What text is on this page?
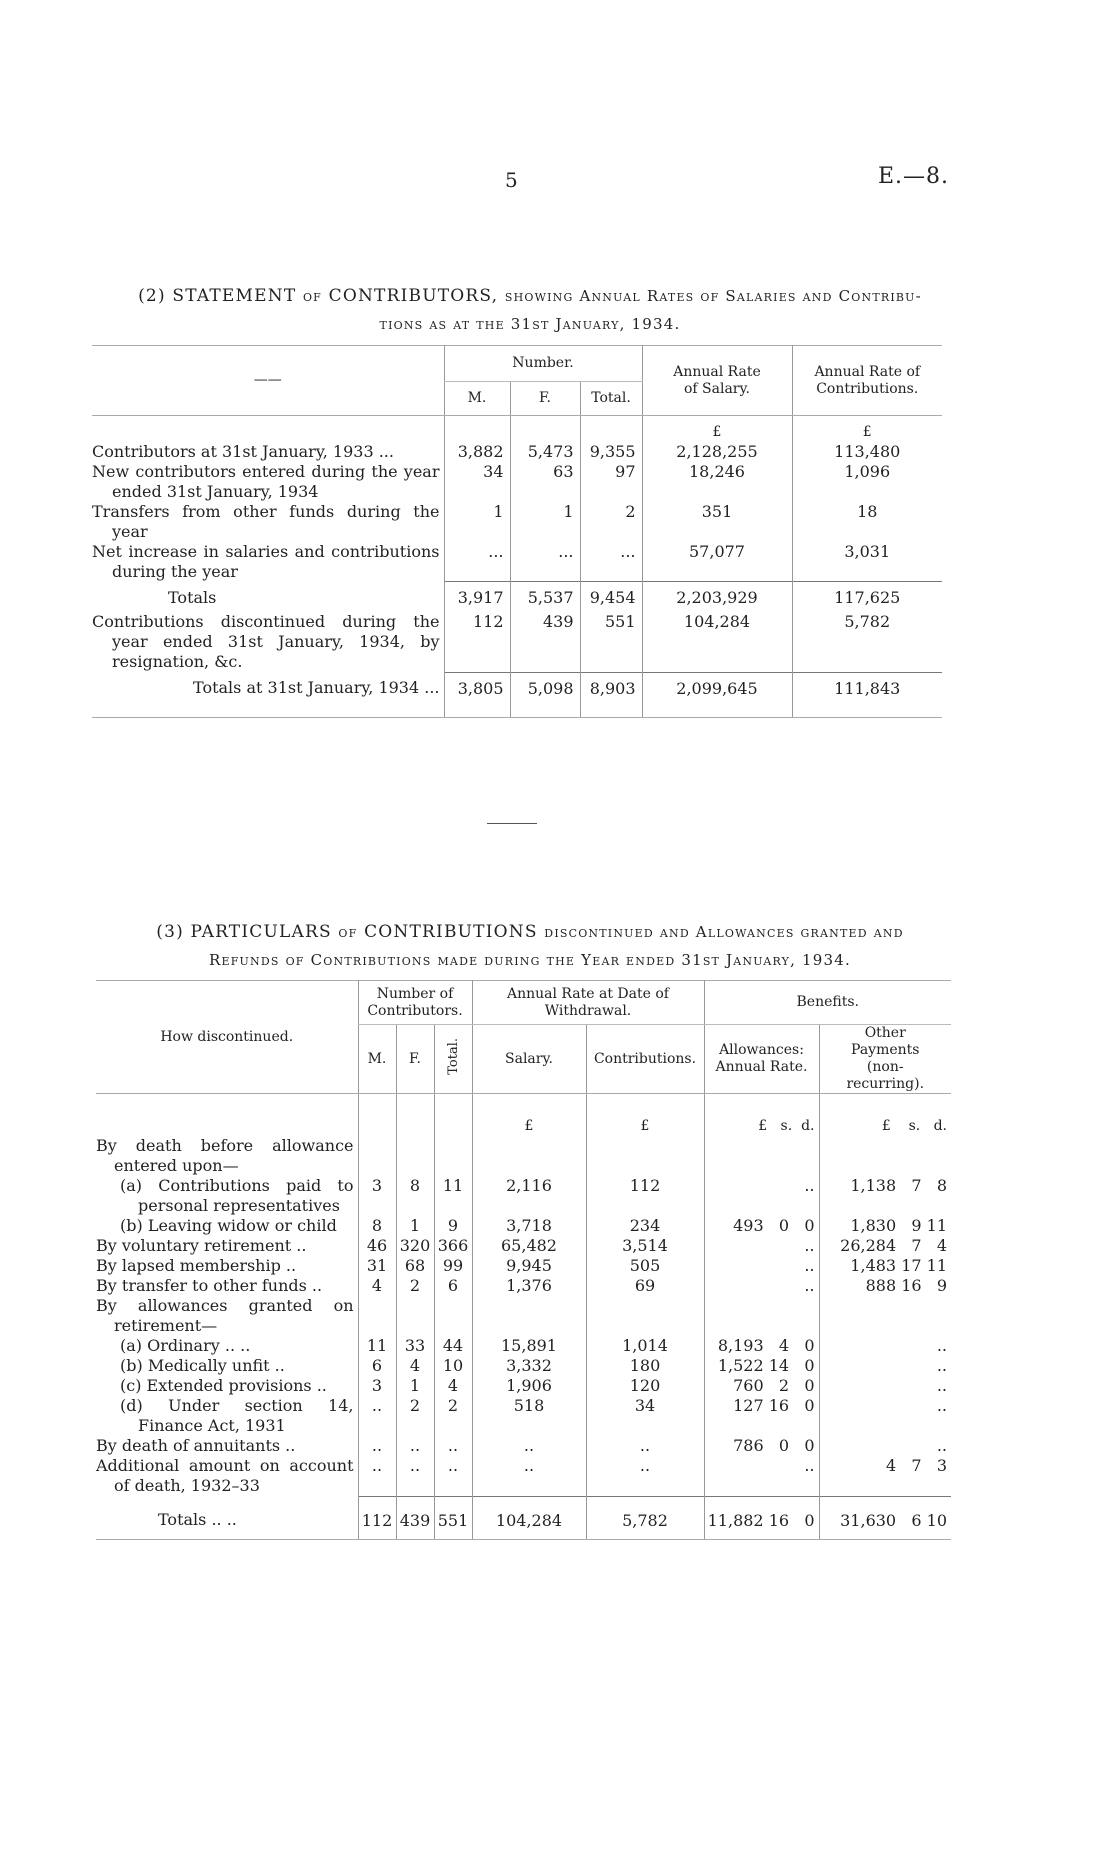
5	E.—8.
(2) STATEMENT of CONTRIBUTORS, showing Annual Rates of Salaries and Contribu-
tions as at the 31st January, 1934.
——	Number.			Annual Rate of Salary.	Annual Rate of Contributions.
	M.	F.	Total.		
				£	£
Contributors at 31st January, 1933 ...	3,882	5,473	9,355	2,128,255	113,480
New contributors entered during the year ended 31st January, 1934	34	63	97	18,246	1,096
Transfers from other funds during the year	1	1	2	351	18
Net increase in salaries and contributions during the year	...	...	...	57,077	3,031
Totals	3,917	5,537	9,454	2,203,929	117,625
Contributions discontinued during the year ended 31st January, 1934, by resignation, &c.	112	439	551	104,284	5,782
Totals at 31st January, 1934 ...	3,805	5,098	8,903	2,099,645	111,843
(3) PARTICULARS of CONTRIBUTIONS discontinued and Allowances granted and
Refunds of Contributions made during the Year ended 31st January, 1934.
How discontinued.	Number of Contributors.			Annual Rate at Date of Withdrawal.		Benefits.	
	M.	F.	Total.	Salary.	Contributions.	Allowances: Annual Rate.	Other Payments (non-recurring).
				£	£	£   s.  d.	£    s.   d.
By death before allowance entered upon—							
(a) Contributions paid to personal representatives	3	8	11	2,116	112	..	1,138   7   8
(b) Leaving widow or child	8	1	9	3,718	234	493   0   0	1,830   9 11
By voluntary retirement ..	46	320	366	65,482	3,514	..	26,284   7   4
By lapsed membership ..	31	68	99	9,945	505	..	1,483 17 11
By transfer to other funds ..	4	2	6	1,376	69	..	888 16   9
By allowances granted on retirement—							
(a) Ordinary .. ..	11	33	44	15,891	1,014	8,193   4   0	..
(b) Medically unfit ..	6	4	10	3,332	180	1,522 14   0	..
(c) Extended provisions ..	3	1	4	1,906	120	760   2   0	..
(d) Under section 14, Finance Act, 1931	..	2	2	518	34	127 16   0	..
By death of annuitants ..	..	..	..	..	..	786   0   0	..
Additional amount on account of death, 1932–33	..	..	..	..	..	..	4   7   3
Totals .. ..	112	439	551	104,284	5,782	11,882 16   0	31,630   6 10
